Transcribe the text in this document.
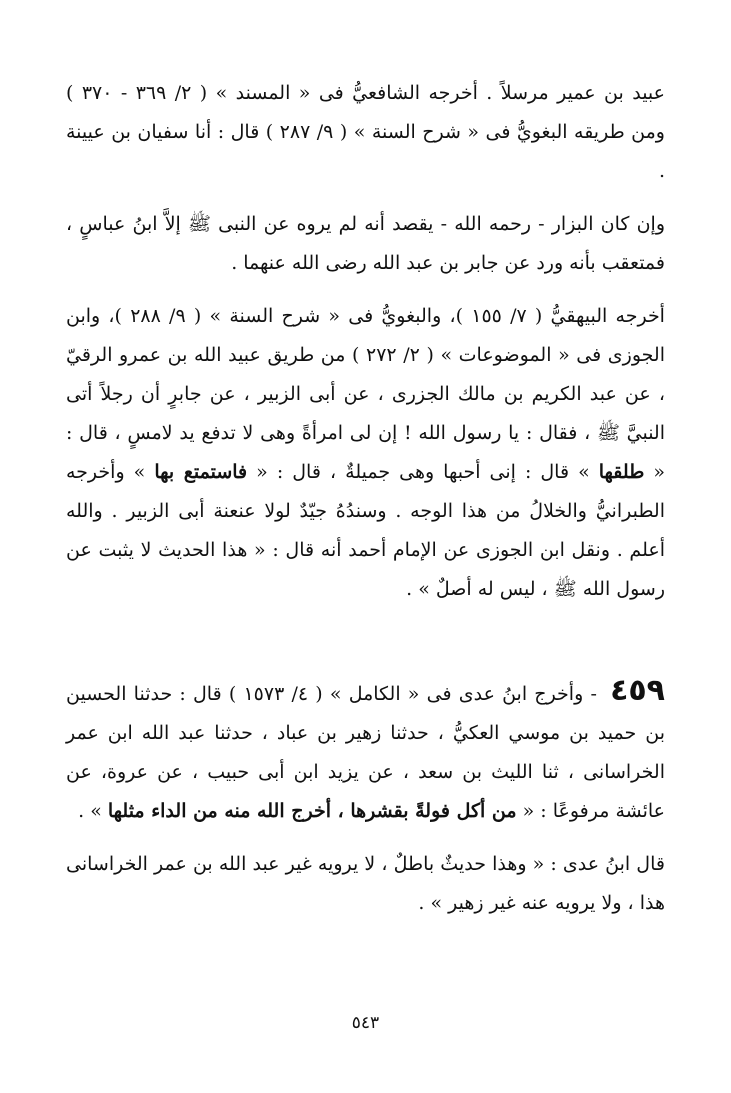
عبيد بن عمير مرسلاً . أخرجه الشافعيُّ فى « المسند » ( ٢/ ٣٦٩ - ٣٧٠ ) ومن طريقه البغويُّ فى « شرح السنة » ( ٩/ ٢٨٧ ) قال : أنا سفيان بن عيينة .

وإن كان البزار - رحمه الله - يقصد أنه لم يروه عن النبى ﷺ إلاَّ ابنُ عباسٍ ، فمتعقب بأنه ورد عن جابر بن عبد الله رضى الله عنهما .

أخرجه البيهقيُّ ( ٧/ ١٥٥ )، والبغويُّ فى « شرح السنة » ( ٩/ ٢٨٨ )، وابن الجوزى فى « الموضوعات » ( ٢/ ٢٧٢ ) من طريق عبيد الله بن عمرو الرقيّ ، عن عبد الكريم بن مالك الجزرى ، عن أبى الزبير ، عن جابرٍ أن رجلاً أتى النبيَّ ﷺ ، فقال : يا رسول الله ! إن لى امرأةً وهى لا تدفع يد لامسٍ ، قال : « طلقها » قال : إنى أحبها وهى جميلةٌ ، قال : « فاستمتع بها » وأخرجه الطبرانيُّ والخلالُ من هذا الوجه . وسندُهُ جيّدٌ لولا عنعنة أبى الزبير . والله أعلم . ونقل ابن الجوزى عن الإمام أحمد أنه قال : « هذا الحديث لا يثبت عن رسول الله ﷺ ، ليس له أصلٌ » .

٤٥٩ - وأخرج ابنُ عدى فى « الكامل » ( ٤/ ١٥٧٣ ) قال : حدثنا الحسين بن حميد بن موسي العكيُّ ، حدثنا زهير بن عباد ، حدثنا عبد الله ابن عمر الخراسانى ، ثنا الليث بن سعد ، عن يزيد ابن أبى حبيب ، عن عروة، عن عائشة مرفوعًا : « من أكل فولةً بقشرها ، أخرج الله منه من الداء مثلها » .

قال ابنُ عدى : « وهذا حديثٌ باطلٌ ، لا يرويه غير عبد الله بن عمر الخراسانى هذا ، ولا يرويه عنه غير زهير » .

٥٤٣
